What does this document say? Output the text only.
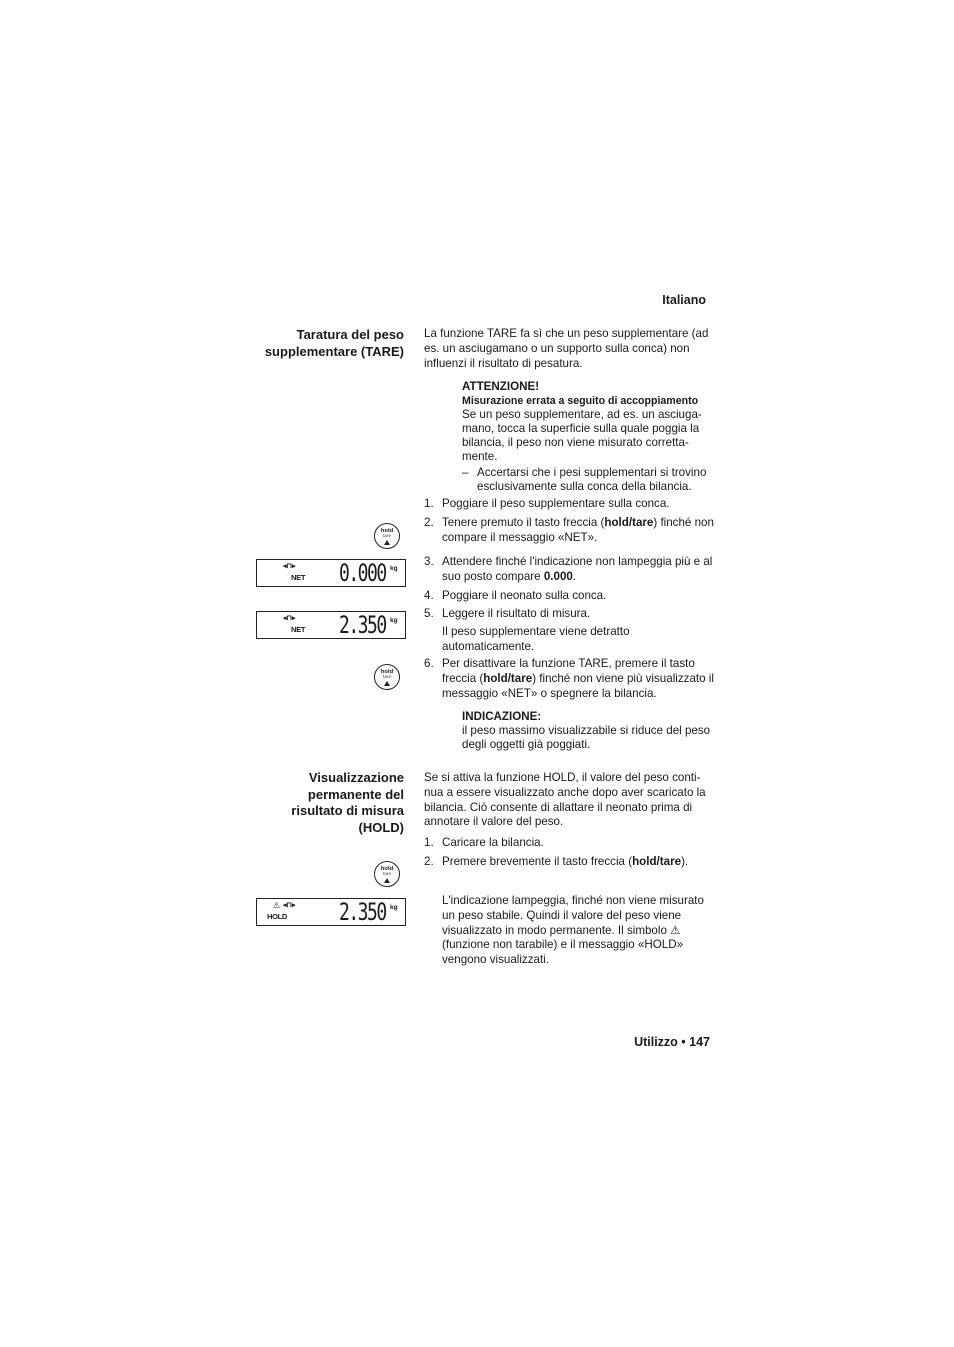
Italiano
Taratura del peso
supplementare (TARE)
La funzione TARE fa sì che un peso supplementare (ad es. un asciugamano o un supporto sulla conca) non influenzi il risultato di pesatura.
ATTENZIONE!
Misurazione errata a seguito di accoppiamento
Se un peso supplementare, ad es. un asciuga-mano, tocca la superficie sulla quale poggia la bilancia, il peso non viene misurato corretta-mente.
– Accertarsi che i pesi supplementari si trovino esclusivamente sulla conca della bilancia.
1. Poggiare il peso supplementare sulla conca.
2. Tenere premuto il tasto freccia (hold/tare) finché non compare il messaggio «NET».
3. Attendere finché l'indicazione non lampeggia più e al suo posto compare 0.000.
4. Poggiare il neonato sulla conca.
5. Leggere il risultato di misura.
Il peso supplementare viene detratto automaticamente.
6. Per disattivare la funzione TARE, premere il tasto freccia (hold/tare) finché non viene più visualizzato il messaggio «NET» o spegnere la bilancia.
INDICAZIONE:
il peso massimo visualizzabile si riduce del peso degli oggetti già poggiati.
Visualizzazione
permanente del
risultato di misura
(HOLD)
Se si attiva la funzione HOLD, il valore del peso conti-nua a essere visualizzato anche dopo aver scaricato la bilancia. Ciò consente di allattare il neonato prima di annotare il valore del peso.
1. Caricare la bilancia.
2. Premere brevemente il tasto freccia (hold/tare).
L'indicazione lampeggia, finché non viene misurato un peso stabile. Quindi il valore del peso viene visualizzato in modo permanente. Il simbolo ⚠ (funzione non tarabile) e il messaggio «HOLD» vengono visualizzati.
hold
tare
hold
tare
hold
tare
◂⊓▸
NET 0.000 kg
◂⊓▸
NET 2.350 kg
⚠ ◂⊓▸
HOLD 2.350 kg
Utilizzo • 147
